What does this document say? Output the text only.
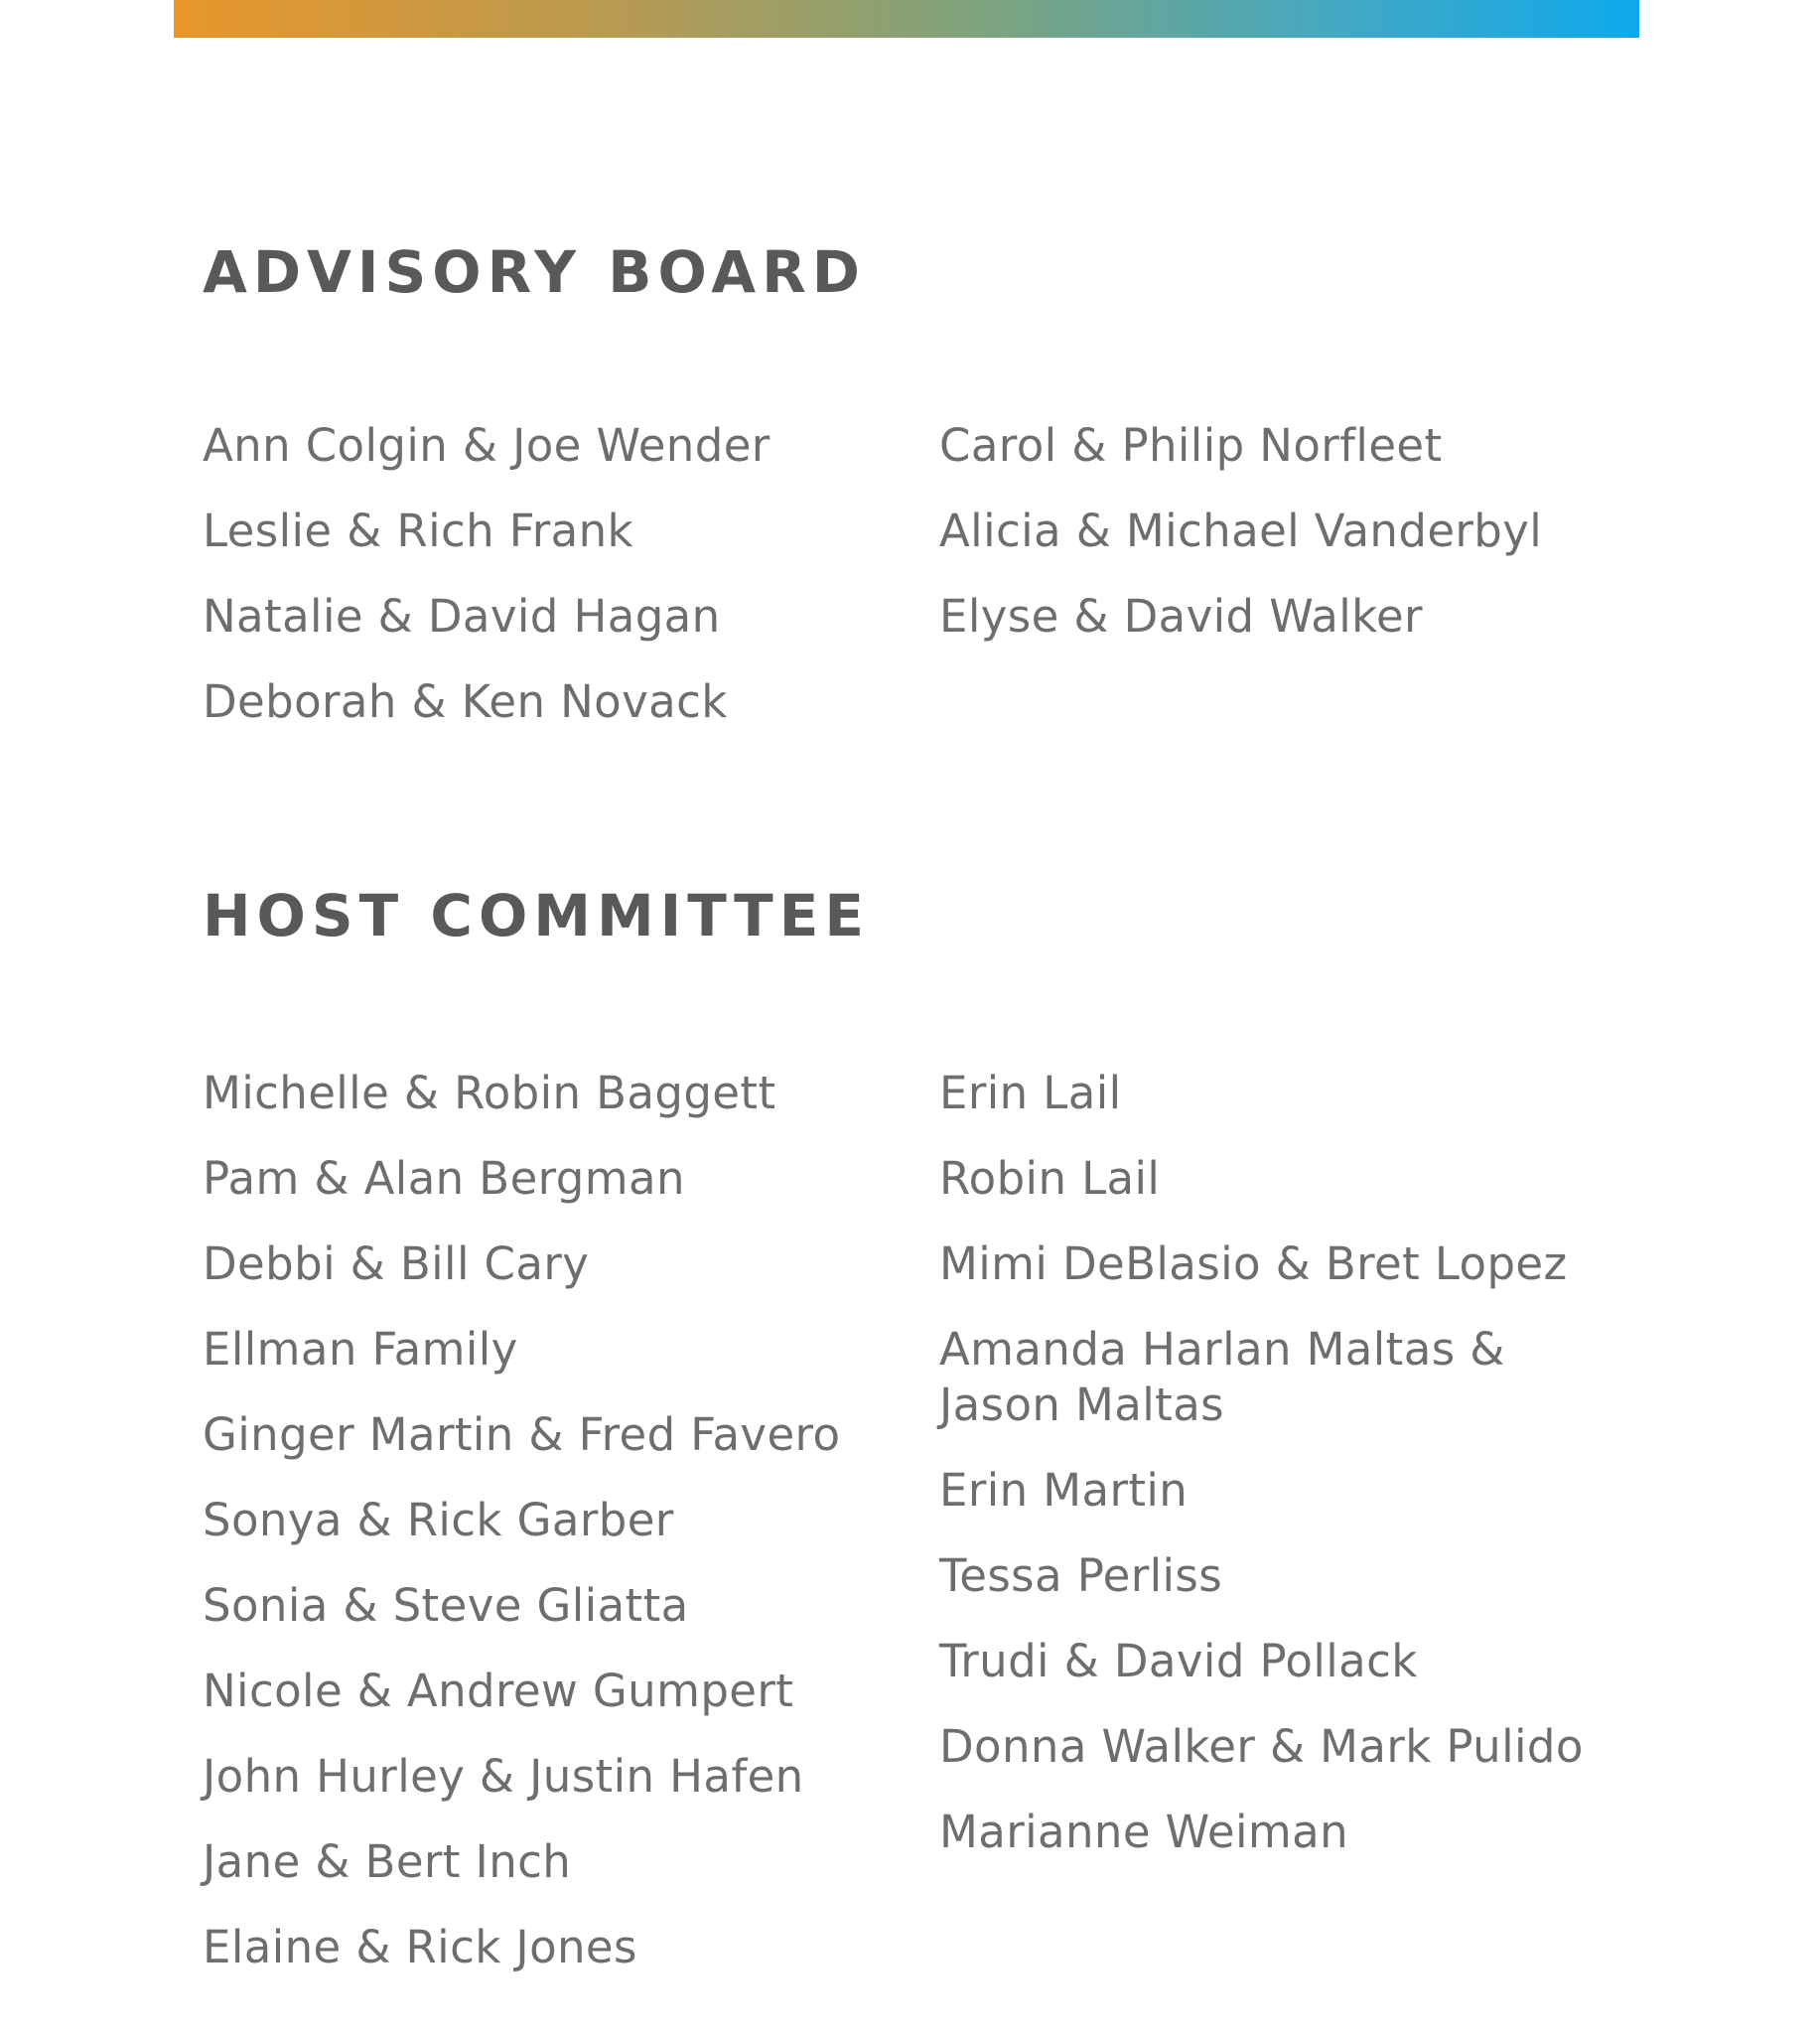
ADVISORY BOARD
Ann Colgin & Joe Wender
Leslie & Rich Frank
Natalie & David Hagan
Deborah & Ken Novack
Carol & Philip Norfleet
Alicia & Michael Vanderbyl
Elyse & David Walker
HOST COMMITTEE
Michelle & Robin Baggett
Pam & Alan Bergman
Debbi & Bill Cary
Ellman Family
Ginger Martin & Fred Favero
Sonya & Rick Garber
Sonia & Steve Gliatta
Nicole & Andrew Gumpert
John Hurley & Justin Hafen
Jane & Bert Inch
Elaine & Rick Jones
Erin Lail
Robin Lail
Mimi DeBlasio & Bret Lopez
Amanda Harlan Maltas & Jason Maltas
Erin Martin
Tessa Perliss
Trudi & David Pollack
Donna Walker & Mark Pulido
Marianne Weiman
